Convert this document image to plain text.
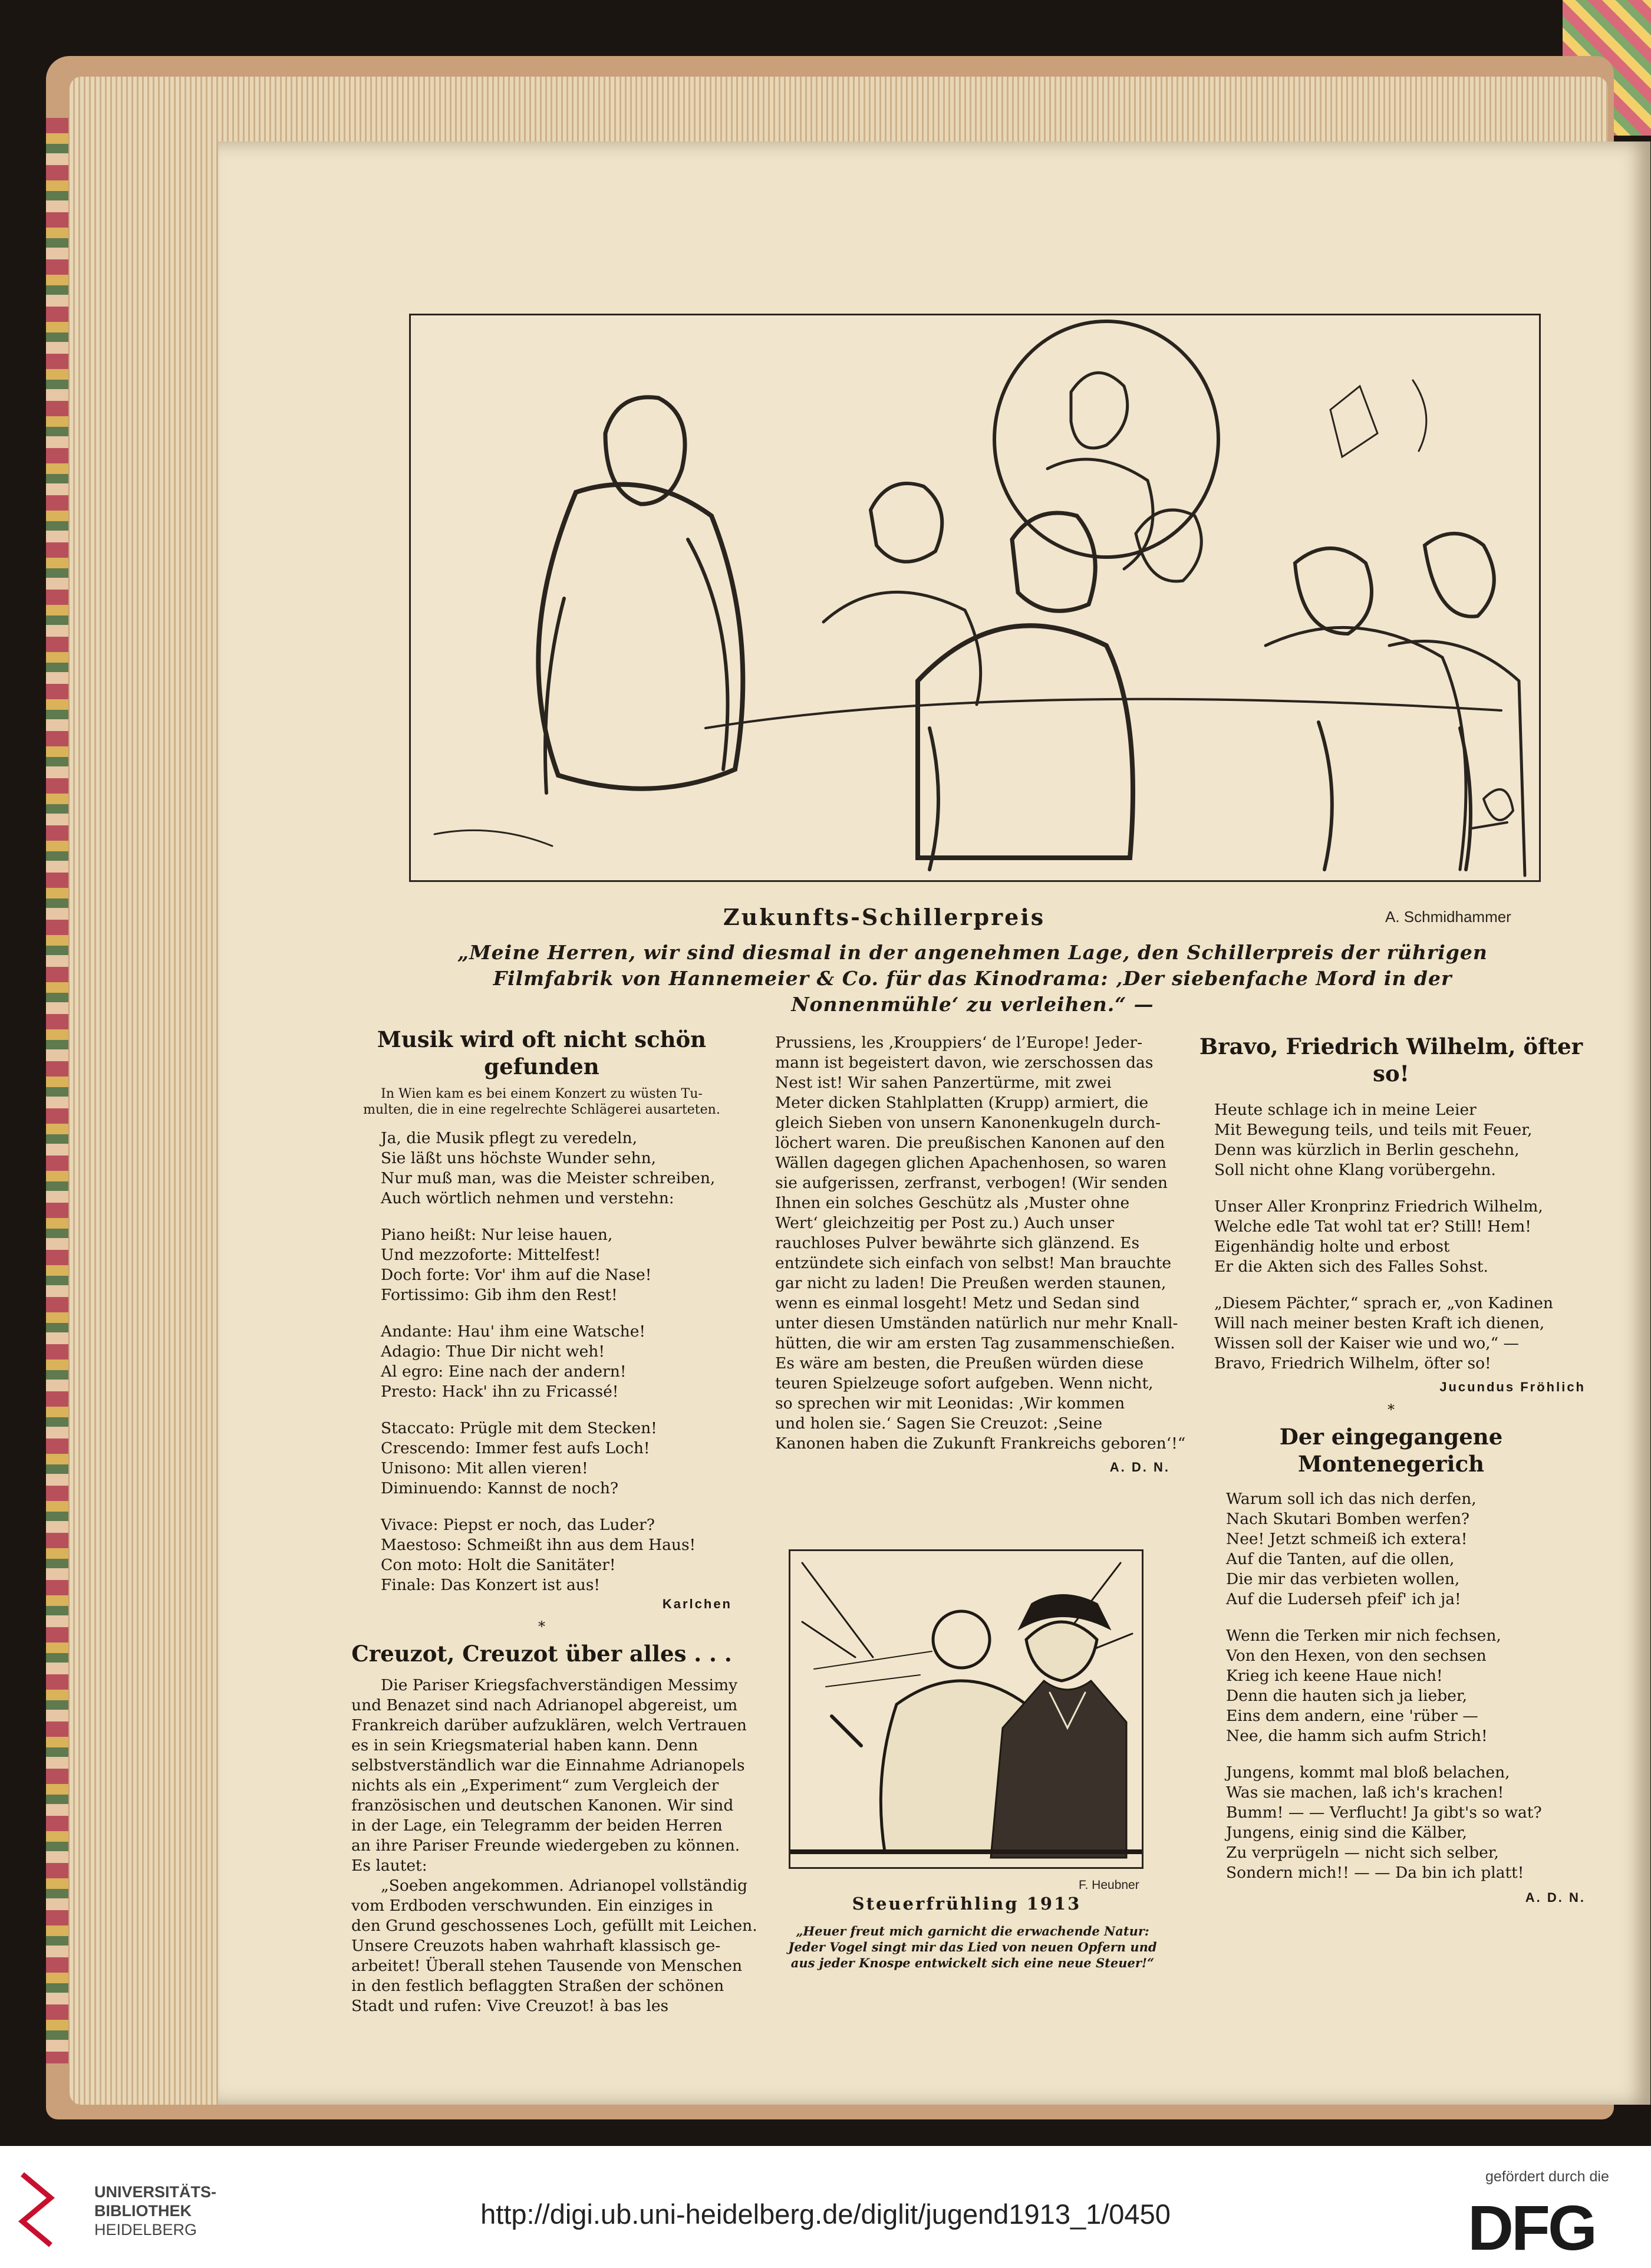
Zukunfts-Schillerpreis	A. Schmidhammer
„Meine Herren, wir sind diesmal in der angenehmen Lage, den Schillerpreis der rührigen Filmfabrik von Hannemeier & Co. für das Kinodrama: ‚Der siebenfache Mord in der Nonnenmühle‘ zu verleihen.“ —
Musik wird oft nicht schön gefunden
In Wien kam es bei einem Konzert zu wüsten Tu-
multen, die in eine regelrechte Schlägerei ausarteten.
Ja, die Musik pflegt zu veredeln,
Sie läßt uns höchste Wunder sehn,
Nur muß man, was die Meister schreiben,
Auch wörtlich nehmen und verstehn:
Piano heißt: Nur leise hauen,
Und mezzoforte: Mittelfest!
Doch forte: Vor' ihm auf die Nase!
Fortissimo: Gib ihm den Rest!
Andante: Hau' ihm eine Watsche!
Adagio: Thue Dir nicht weh!
Al egro: Eine nach der andern!
Presto: Hack' ihn zu Fricassé!
Staccato: Prügle mit dem Stecken!
Crescendo: Immer fest aufs Loch!
Unisono: Mit allen vieren!
Diminuendo: Kannst de noch?
Vivace: Piepst er noch, das Luder?
Maestoso: Schmeißt ihn aus dem Haus!
Con moto: Holt die Sanitäter!
Finale: Das Konzert ist aus!
Karlchen
*
Creuzot, Creuzot über alles . . .
Die Pariser Kriegsfachverständigen Messimy
und Benazet sind nach Adrianopel abgereist, um
Frankreich darüber aufzuklären, welch Vertrauen
es in sein Kriegsmaterial haben kann. Denn
selbstverständlich war die Einnahme Adrianopels
nichts als ein „Experiment“ zum Vergleich der
französischen und deutschen Kanonen. Wir sind
in der Lage, ein Telegramm der beiden Herren
an ihre Pariser Freunde wiedergeben zu können.
Es lautet:
„Soeben angekommen. Adrianopel vollständig
vom Erdboden verschwunden. Ein einziges in
den Grund geschossenes Loch, gefüllt mit Leichen.
Unsere Creuzots haben wahrhaft klassisch ge-
arbeitet! Überall stehen Tausende von Menschen
in den festlich beflaggten Straßen der schönen
Stadt und rufen: Vive Creuzot! à bas les
Prussiens, les ‚Krouppiers‘ de l’Europe! Jeder-
mann ist begeistert davon, wie zerschossen das
Nest ist! Wir sahen Panzertürme, mit zwei
Meter dicken Stahlplatten (Krupp) armiert, die
gleich Sieben von unsern Kanonenkugeln durch-
löchert waren. Die preußischen Kanonen auf den
Wällen dagegen glichen Apachenhosen, so waren
sie aufgerissen, zerfranst, verbogen! (Wir senden
Ihnen ein solches Geschütz als ‚Muster ohne
Wert‘ gleichzeitig per Post zu.) Auch unser
rauchloses Pulver bewährte sich glänzend. Es
entzündete sich einfach von selbst! Man brauchte
gar nicht zu laden! Die Preußen werden staunen,
wenn es einmal losgeht! Metz und Sedan sind
unter diesen Umständen natürlich nur mehr Knall-
hütten, die wir am ersten Tag zusammenschießen.
Es wäre am besten, die Preußen würden diese
teuren Spielzeuge sofort aufgeben. Wenn nicht,
so sprechen wir mit Leonidas: ‚Wir kommen
und holen sie.‘ Sagen Sie Creuzot: ‚Seine
Kanonen haben die Zukunft Frankreichs geboren‘!“
A. D. N.
F. Heubner
Steuerfrühling 1913
„Heuer freut mich garnicht die erwachende Natur: Jeder Vogel singt mir das Lied von neuen Opfern und aus jeder Knospe entwickelt sich eine neue Steuer!“
Bravo, Friedrich Wilhelm, öfter so!
Heute schlage ich in meine Leier
Mit Bewegung teils, und teils mit Feuer,
Denn was kürzlich in Berlin geschehn,
Soll nicht ohne Klang vorübergehn.
Unser Aller Kronprinz Friedrich Wilhelm,
Welche edle Tat wohl tat er? Still! Hem!
Eigenhändig holte und erbost
Er die Akten sich des Falles Sohst.
„Diesem Pächter,“ sprach er, „von Kadinen
Will nach meiner besten Kraft ich dienen,
Wissen soll der Kaiser wie und wo,“ —
Bravo, Friedrich Wilhelm, öfter so!
Jucundus Fröhlich
*
Der eingegangene Montenegerich
Warum soll ich das nich derfen,
Nach Skutari Bomben werfen?
Nee! Jetzt schmeiß ich extera!
Auf die Tanten, auf die ollen,
Die mir das verbieten wollen,
Auf die Luderseh pfeif' ich ja!
Wenn die Terken mir nich fechsen,
Von den Hexen, von den sechsen
Krieg ich keene Haue nich!
Denn die hauten sich ja lieber,
Eins dem andern, eine 'rüber —
Nee, die hamm sich aufm Strich!
Jungens, kommt mal bloß belachen,
Was sie machen, laß ich's krachen!
Bumm! — — Verflucht! Ja gibt's so wat?
Jungens, einig sind die Kälber,
Zu verprügeln — nicht sich selber,
Sondern mich!! — — Da bin ich platt!
A. D. N.
UNIVERSITÄTS-
BIBLIOTHEK
HEIDELBERG	http://digi.ub.uni-heidelberg.de/diglit/jugend1913_1/0450
gefördert durch die
DFG
